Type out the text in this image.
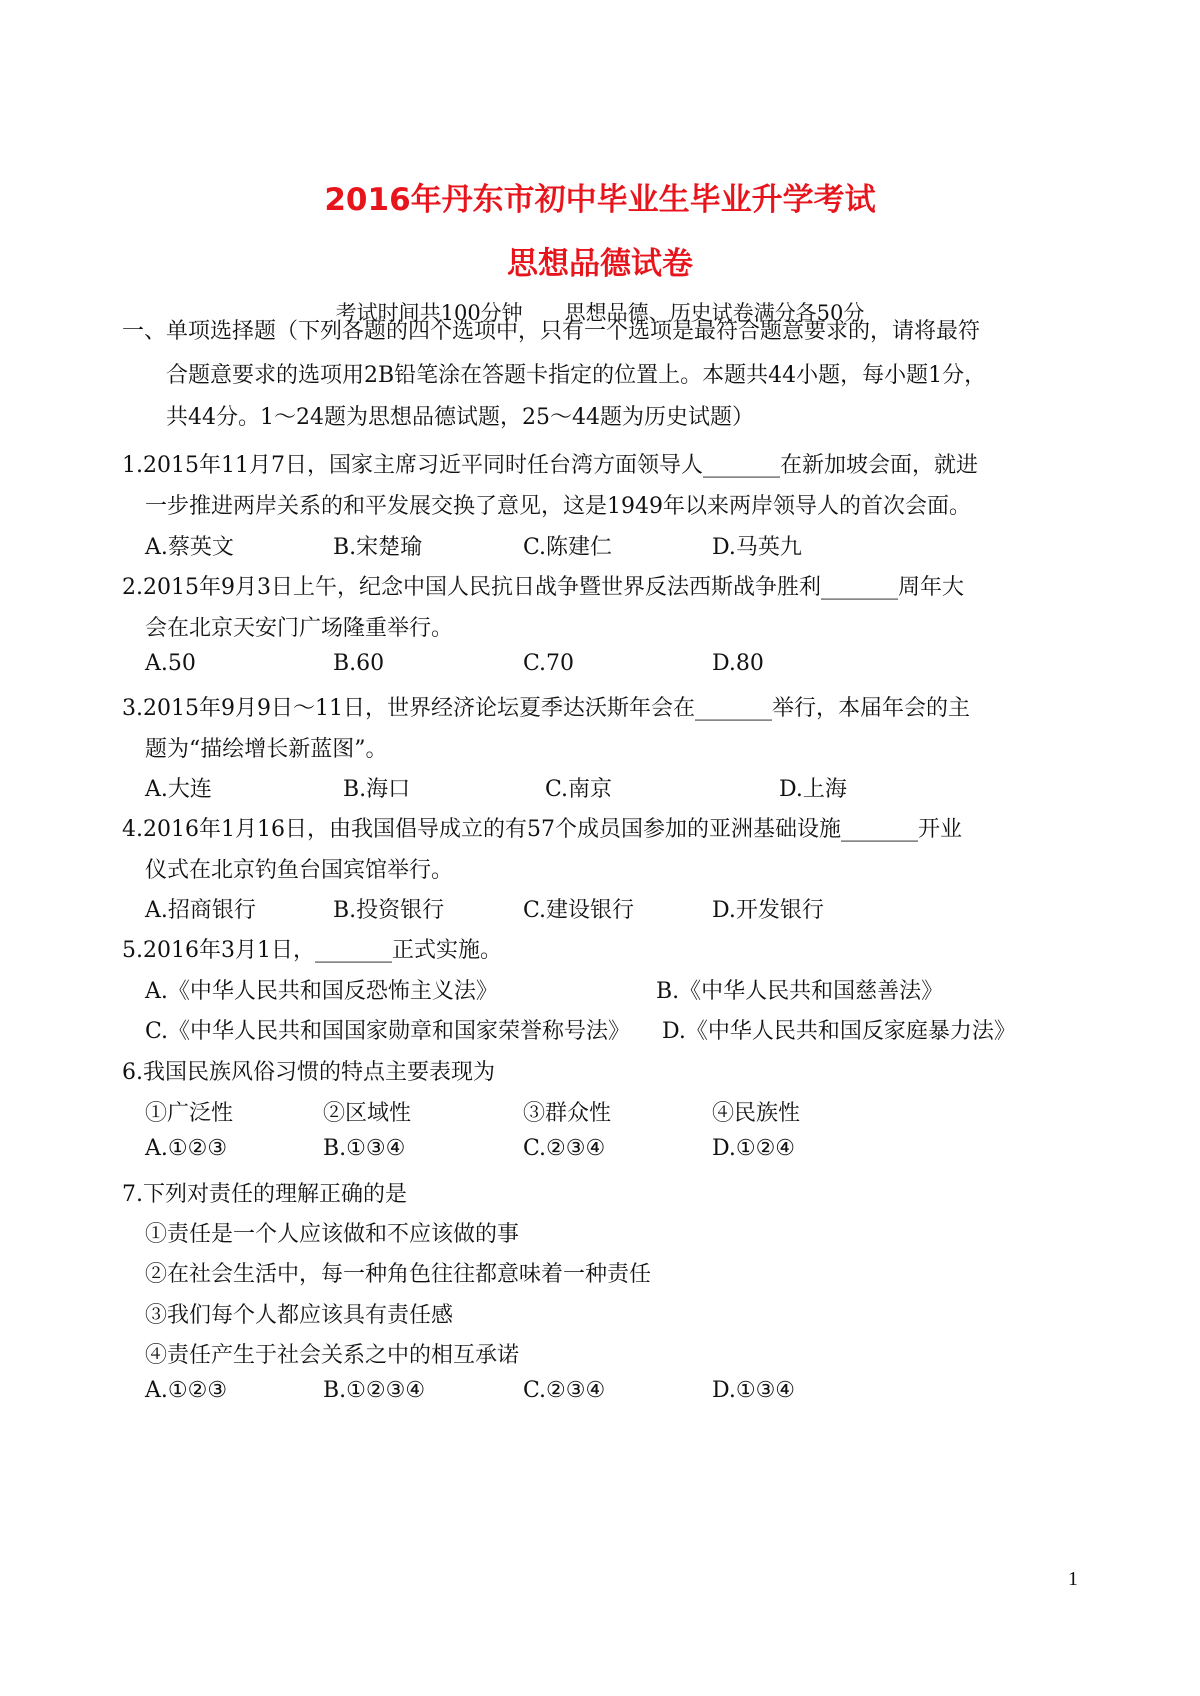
2016年丹东市初中毕业生毕业升学考试
思想品德试卷
考试时间共100分钟　　思想品德、历史试卷满分各50分
一、单项选择题（下列各题的四个选项中，只有一个选项是最符合题意要求的，请将最符
合题意要求的选项用2B铅笔涂在答题卡指定的位置上。本题共44小题，每小题1分，
共44分。1～24题为思想品德试题，25～44题为历史试题）
1.2015年11月7日，国家主席习近平同时任台湾方面领导人_______在新加坡会面，就进
一步推进两岸关系的和平发展交换了意见，这是1949年以来两岸领导人的首次会面。
A.蔡英文	B.宋楚瑜	C.陈建仁	D.马英九
2.2015年9月3日上午，纪念中国人民抗日战争暨世界反法西斯战争胜利_______周年大
会在北京天安门广场隆重举行。
A.50	B.60	C.70	D.80
3.2015年9月9日～11日，世界经济论坛夏季达沃斯年会在_______举行，本届年会的主
题为“描绘增长新蓝图”。
A.大连	B.海口	C.南京	D.上海
4.2016年1月16日，由我国倡导成立的有57个成员国参加的亚洲基础设施_______开业
仪式在北京钓鱼台国宾馆举行。
A.招商银行	B.投资银行	C.建设银行	D.开发银行
5.2016年3月1日，_______正式实施。
A.《中华人民共和国反恐怖主义法》	B.《中华人民共和国慈善法》
C.《中华人民共和国国家勋章和国家荣誉称号法》 D.《中华人民共和国反家庭暴力法》
6.我国民族风俗习惯的特点主要表现为
①广泛性	②区域性	③群众性	④民族性
A.①②③	B.①③④	C.②③④	D.①②④
7.下列对责任的理解正确的是
①责任是一个人应该做和不应该做的事
②在社会生活中，每一种角色往往都意味着一种责任
③我们每个人都应该具有责任感
④责任产生于社会关系之中的相互承诺
A.①②③	B.①②③④	C.②③④	D.①③④
1
